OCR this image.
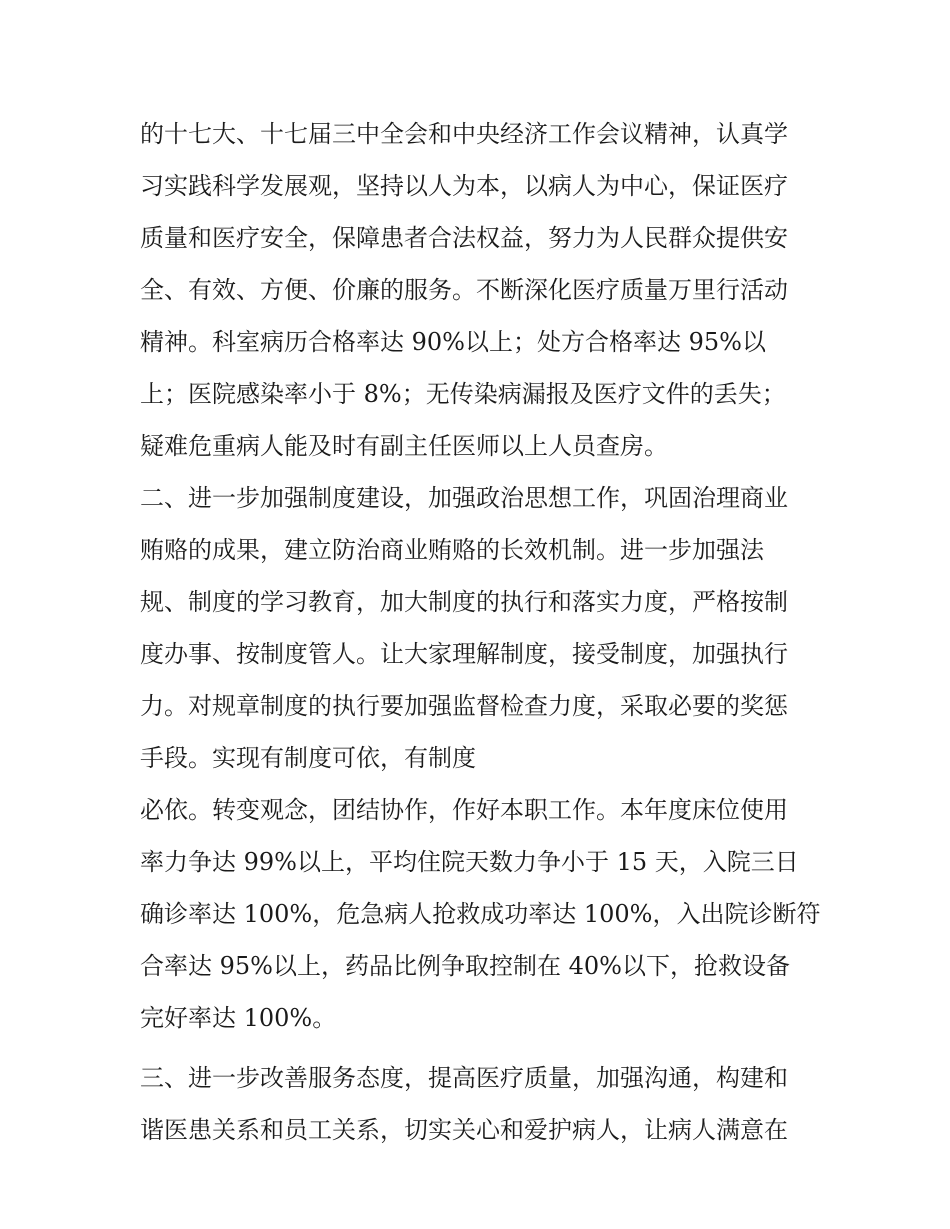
的十七大、十七届三中全会和中央经济工作会议精神，认真学
习实践科学发展观，坚持以人为本，以病人为中心，保证医疗
质量和医疗安全，保障患者合法权益，努力为人民群众提供安
全、有效、方便、价廉的服务。不断深化医疗质量万里行活动
精神。科室病历合格率达 90%以上；处方合格率达 95%以
上；医院感染率小于 8%；无传染病漏报及医疗文件的丢失；
疑难危重病人能及时有副主任医师以上人员查房。
二、进一步加强制度建设，加强政治思想工作，巩固治理商业
贿赂的成果，建立防治商业贿赂的长效机制。进一步加强法
规、制度的学习教育，加大制度的执行和落实力度，严格按制
度办事、按制度管人。让大家理解制度，接受制度，加强执行
力。对规章制度的执行要加强监督检查力度，采取必要的奖惩
手段。实现有制度可依，有制度
必依。转变观念，团结协作，作好本职工作。本年度床位使用
率力争达 99%以上，平均住院天数力争小于 15 天，入院三日
确诊率达 100%，危急病人抢救成功率达 100%，入出院诊断符
合率达 95%以上，药品比例争取控制在 40%以下，抢救设备
完好率达 100%。
三、进一步改善服务态度，提高医疗质量，加强沟通，构建和
谐医患关系和员工关系，切实关心和爱护病人，让病人满意在
